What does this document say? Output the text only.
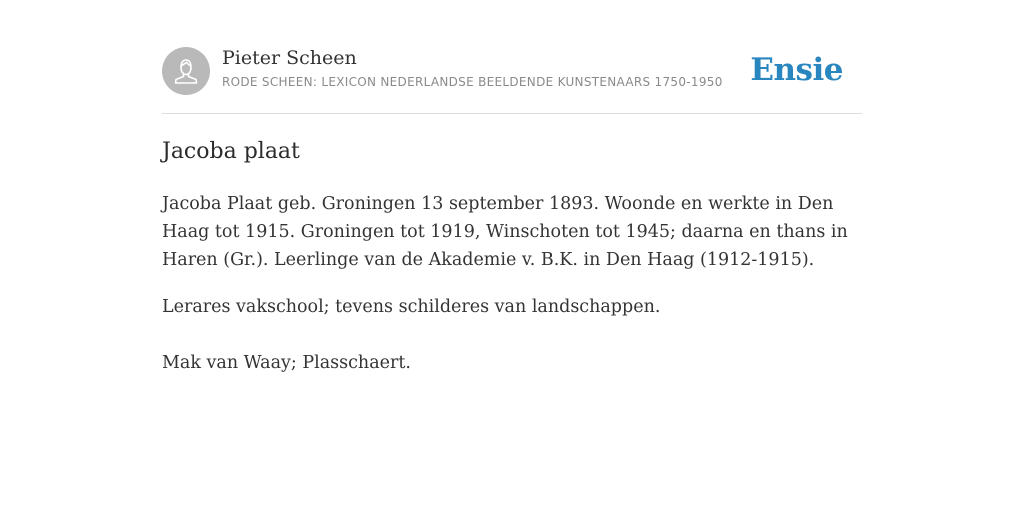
Pieter Scheen
RODE SCHEEN: LEXICON NEDERLANDSE BEELDENDE KUNSTENAARS 1750-1950 Ensie
Jacoba plaat

Jacoba Plaat geb. Groningen 13 september 1893. Woonde en werkte in Den Haag tot 1915. Groningen tot 1919, Winschoten tot 1945; daarna en thans in Haren (Gr.). Leerlinge van de Akademie v. B.K. in Den Haag (1912-1915).

Lerares vakschool; tevens schilderes van landschappen.

Mak van Waay; Plasschaert.
